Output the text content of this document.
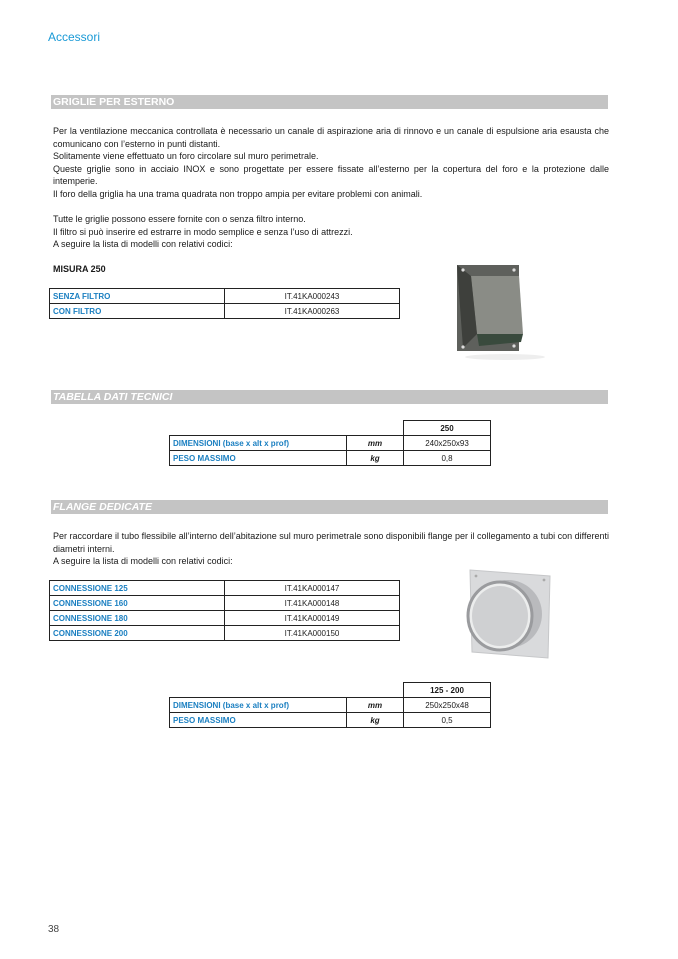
Accessori
GRIGLIE PER ESTERNO

Per la ventilazione meccanica controllata è necessario un canale di aspirazione aria di rinnovo e un canale di espulsione aria esausta che comunicano con l’esterno in punti distanti.

Solitamente viene effettuato un foro circolare sul muro perimetrale.

Queste griglie sono in acciaio INOX e sono progettate per essere fissate all’esterno per la copertura del foro e la protezione dalle intemperie.

Il foro della griglia ha una trama quadrata non troppo ampia per evitare problemi con animali.

Tutte le griglie possono essere fornite con o senza filtro interno.

Il filtro si può inserire ed estrarre in modo semplice e senza l’uso di attrezzi.

A seguire la lista di modelli con relativi codici:

MISURA 250
SENZA FILTRO	IT.41KA000243
CON FILTRO	IT.41KA000263
TABELLA DATI TECNICI
		250
DIMENSIONI (base x alt x prof)	mm	240x250x93
PESO MASSIMO	kg	0,8
FLANGE DEDICATE

Per raccordare il tubo flessibile all’interno dell’abitazione sul muro perimetrale sono disponibili flange per il collegamento a tubi con differenti diametri interni.

A seguire la lista di modelli con relativi codici:

CONNESSIONE 125	IT.41KA000147
CONNESSIONE 160	IT.41KA000148
CONNESSIONE 180	IT.41KA000149
CONNESSIONE 200	IT.41KA000150
		125 - 200
DIMENSIONI (base x alt x prof)	mm	250x250x48
PESO MASSIMO	kg	0,5
38
